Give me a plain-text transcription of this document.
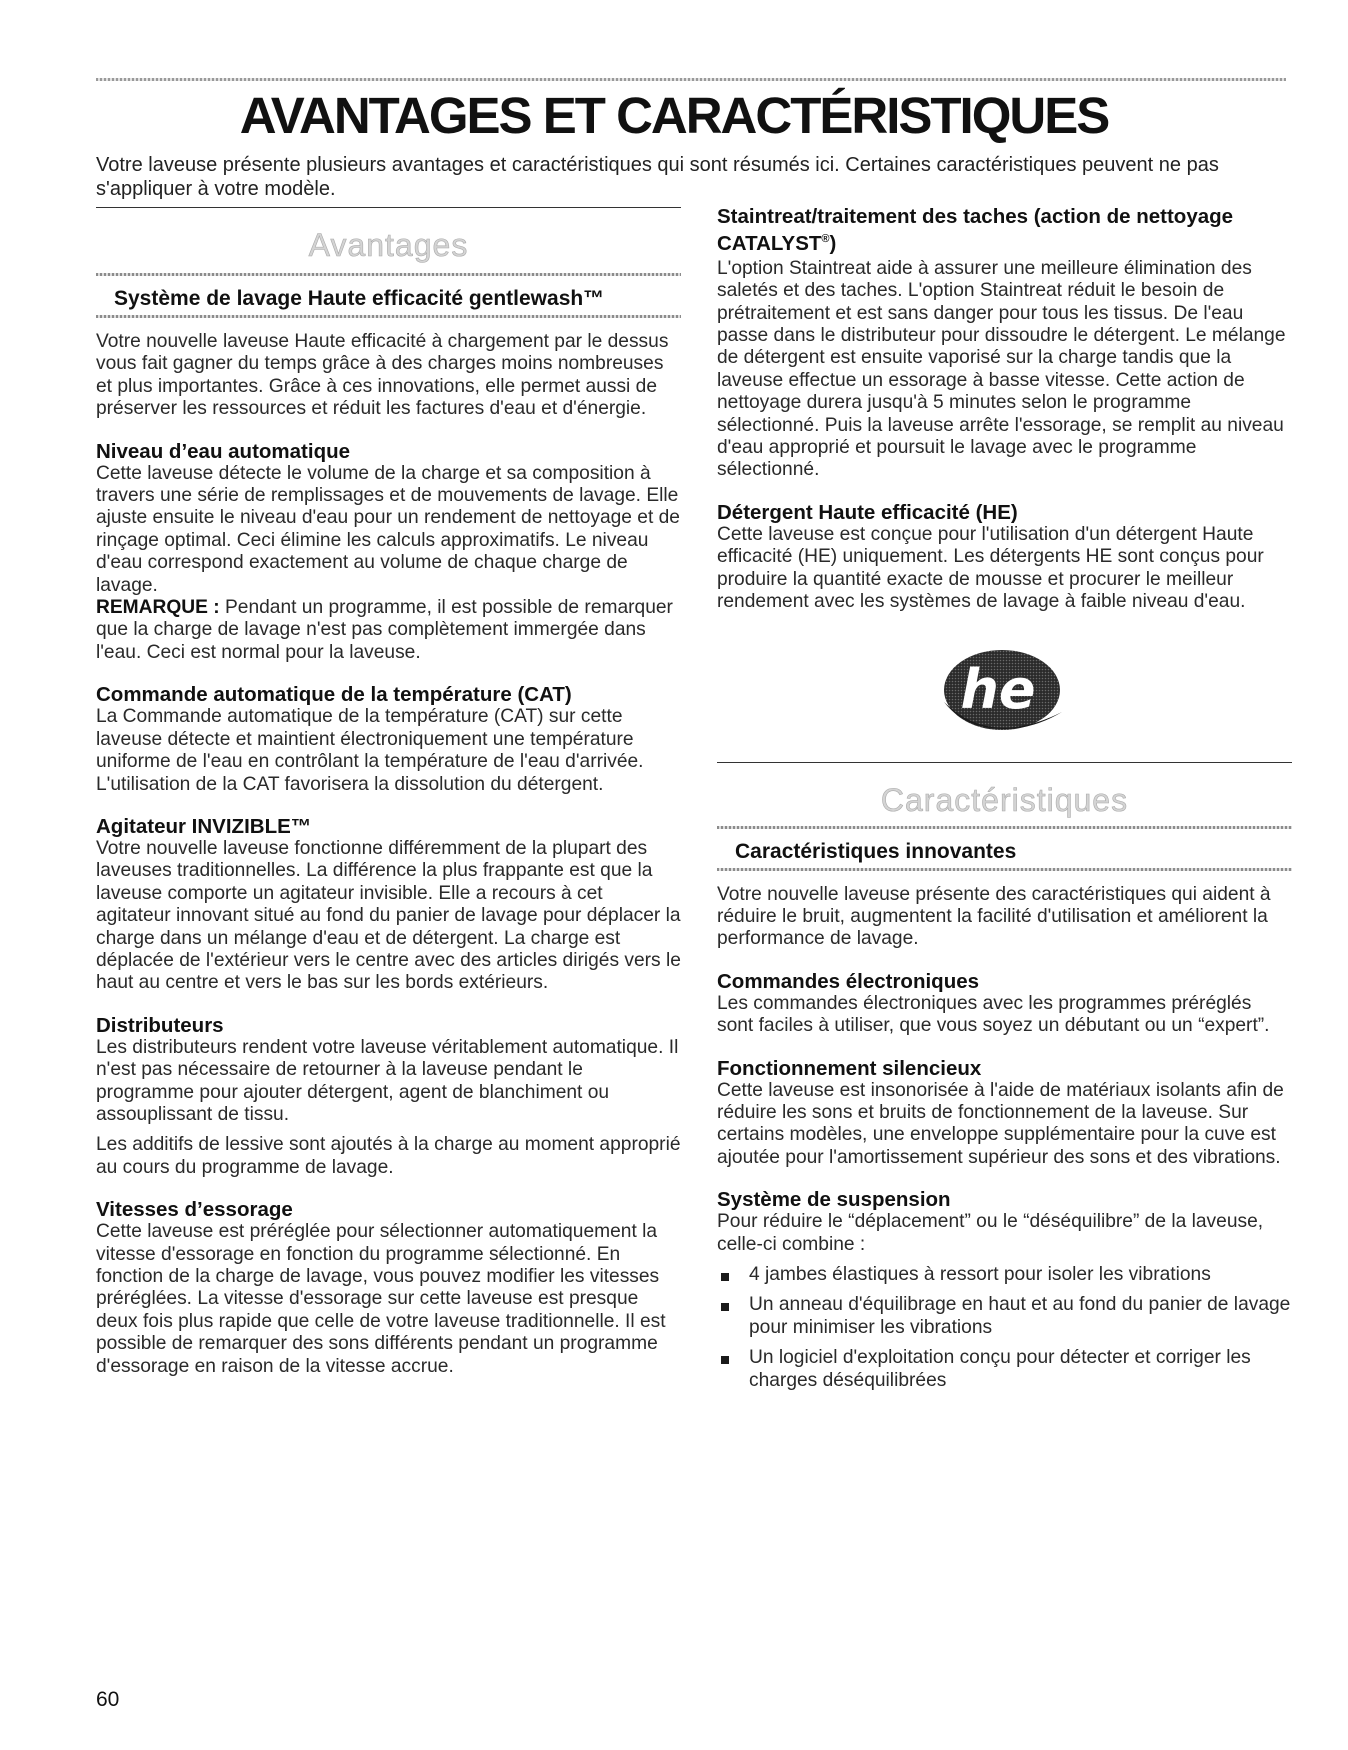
AVANTAGES ET CARACTÉRISTIQUES

Votre laveuse présente plusieurs avantages et caractéristiques qui sont résumés ici. Certaines caractéristiques peuvent ne pas s'appliquer à votre modèle.

Avantages
Système de lavage Haute efficacité gentlewash™

Votre nouvelle laveuse Haute efficacité à chargement par le dessus vous fait gagner du temps grâce à des charges moins nombreuses et plus importantes. Grâce à ces innovations, elle permet aussi de préserver les ressources et réduit les factures d'eau et d'énergie.

Niveau d’eau automatique

Cette laveuse détecte le volume de la charge et sa composition à travers une série de remplissages et de mouvements de lavage. Elle ajuste ensuite le niveau d'eau pour un rendement de nettoyage et de rinçage optimal. Ceci élimine les calculs approximatifs. Le niveau d'eau correspond exactement au volume de chaque charge de lavage.

REMARQUE : Pendant un programme, il est possible de remarquer que la charge de lavage n'est pas complètement immergée dans l'eau. Ceci est normal pour la laveuse.

Commande automatique de la température (CAT)

La Commande automatique de la température (CAT) sur cette laveuse détecte et maintient électroniquement une température uniforme de l'eau en contrôlant la température de l'eau d'arrivée. L'utilisation de la CAT favorisera la dissolution du détergent.

Agitateur INVIZIBLE™

Votre nouvelle laveuse fonctionne différemment de la plupart des laveuses traditionnelles. La différence la plus frappante est que la laveuse comporte un agitateur invisible. Elle a recours à cet agitateur innovant situé au fond du panier de lavage pour déplacer la charge dans un mélange d'eau et de détergent. La charge est déplacée de l'extérieur vers le centre avec des articles dirigés vers le haut au centre et vers le bas sur les bords extérieurs.

Distributeurs

Les distributeurs rendent votre laveuse véritablement automatique. Il n'est pas nécessaire de retourner à la laveuse pendant le programme pour ajouter détergent, agent de blanchiment ou assouplissant de tissu.

Les additifs de lessive sont ajoutés à la charge au moment approprié au cours du programme de lavage.

Vitesses d’essorage

Cette laveuse est préréglée pour sélectionner automatiquement la vitesse d'essorage en fonction du programme sélectionné. En fonction de la charge de lavage, vous pouvez modifier les vitesses préréglées. La vitesse d'essorage sur cette laveuse est presque deux fois plus rapide que celle de votre laveuse traditionnelle. Il est possible de remarquer des sons différents pendant un programme d'essorage en raison de la vitesse accrue.

Staintreat/traitement des taches (action de nettoyage CATALYST®)

L'option Staintreat aide à assurer une meilleure élimination des saletés et des taches. L'option Staintreat réduit le besoin de prétraitement et est sans danger pour tous les tissus. De l'eau passe dans le distributeur pour dissoudre le détergent. Le mélange de détergent est ensuite vaporisé sur la charge tandis que la laveuse effectue un essorage à basse vitesse. Cette action de nettoyage durera jusqu'à 5 minutes selon le programme sélectionné. Puis la laveuse arrête l'essorage, se remplit au niveau d'eau approprié et poursuit le lavage avec le programme sélectionné.

Détergent Haute efficacité (HE)

Cette laveuse est conçue pour l'utilisation d'un détergent Haute efficacité (HE) uniquement. Les détergents HE sont conçus pour produire la quantité exacte de mousse et procurer le meilleur rendement avec les systèmes de lavage à faible niveau d'eau.

he
Caractéristiques
Caractéristiques innovantes

Votre nouvelle laveuse présente des caractéristiques qui aident à réduire le bruit, augmentent la facilité d'utilisation et améliorent la performance de lavage.

Commandes électroniques

Les commandes électroniques avec les programmes préréglés sont faciles à utiliser, que vous soyez un débutant ou un “expert”.

Fonctionnement silencieux

Cette laveuse est insonorisée à l'aide de matériaux isolants afin de réduire les sons et bruits de fonctionnement de la laveuse. Sur certains modèles, une enveloppe supplémentaire pour la cuve est ajoutée pour l'amortissement supérieur des sons et des vibrations.

Système de suspension

Pour réduire le “déplacement” ou le “déséquilibre” de la laveuse, celle-ci combine :

4 jambes élastiques à ressort pour isoler les vibrations
Un anneau d'équilibrage en haut et au fond du panier de lavage pour minimiser les vibrations
Un logiciel d'exploitation conçu pour détecter et corriger les charges déséquilibrées
60
